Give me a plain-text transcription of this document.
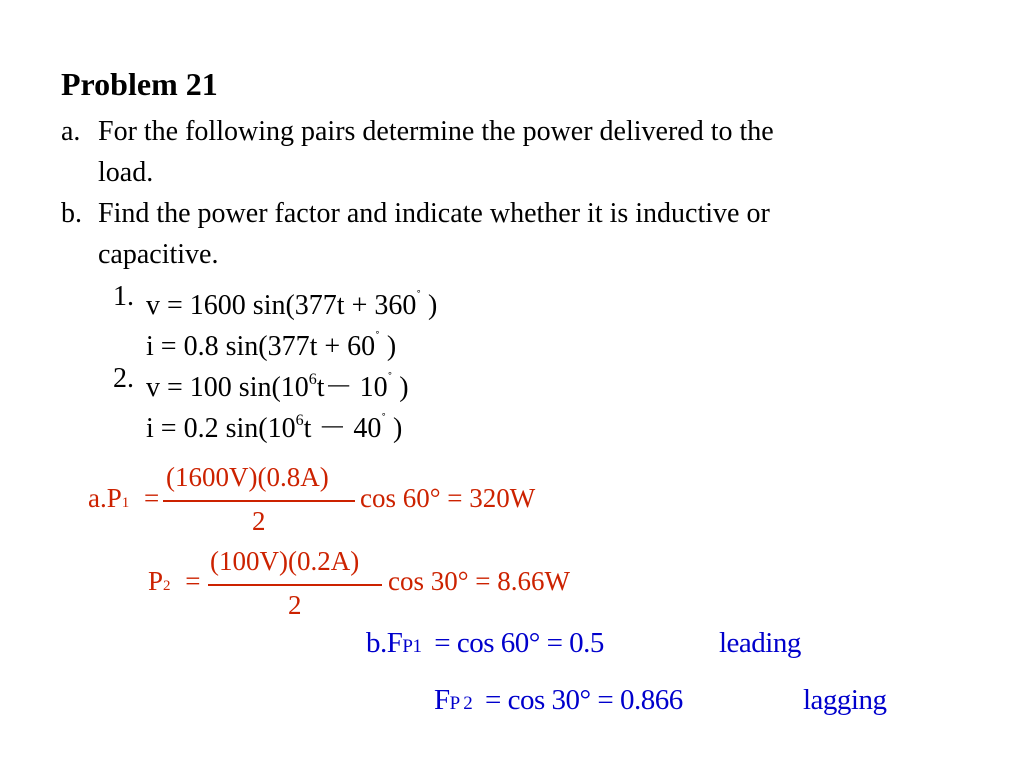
Problem 21
a. For the following pairs determine the power delivered to the
load.
b. Find the power factor and indicate whether it is inductive or
capacitive.
1. v = 1600 sin(377t + 360˚ )
i = 0.8 sin(377t + 60˚ )
2. v = 100 $\sin(10^6t- 10^˚$ )
i = 0.2 $\sin(10^6t - 40^˚$ )
a.P1 =
(1600V)(0.8A)
2
cos 60° = 320W
P2 =
(100V)(0.2A)
2
cos 30° = 8.66W
b.FP1 = cos 60° = 0.5	leading
FP 2 = cos 30° = 0.866	lagging
